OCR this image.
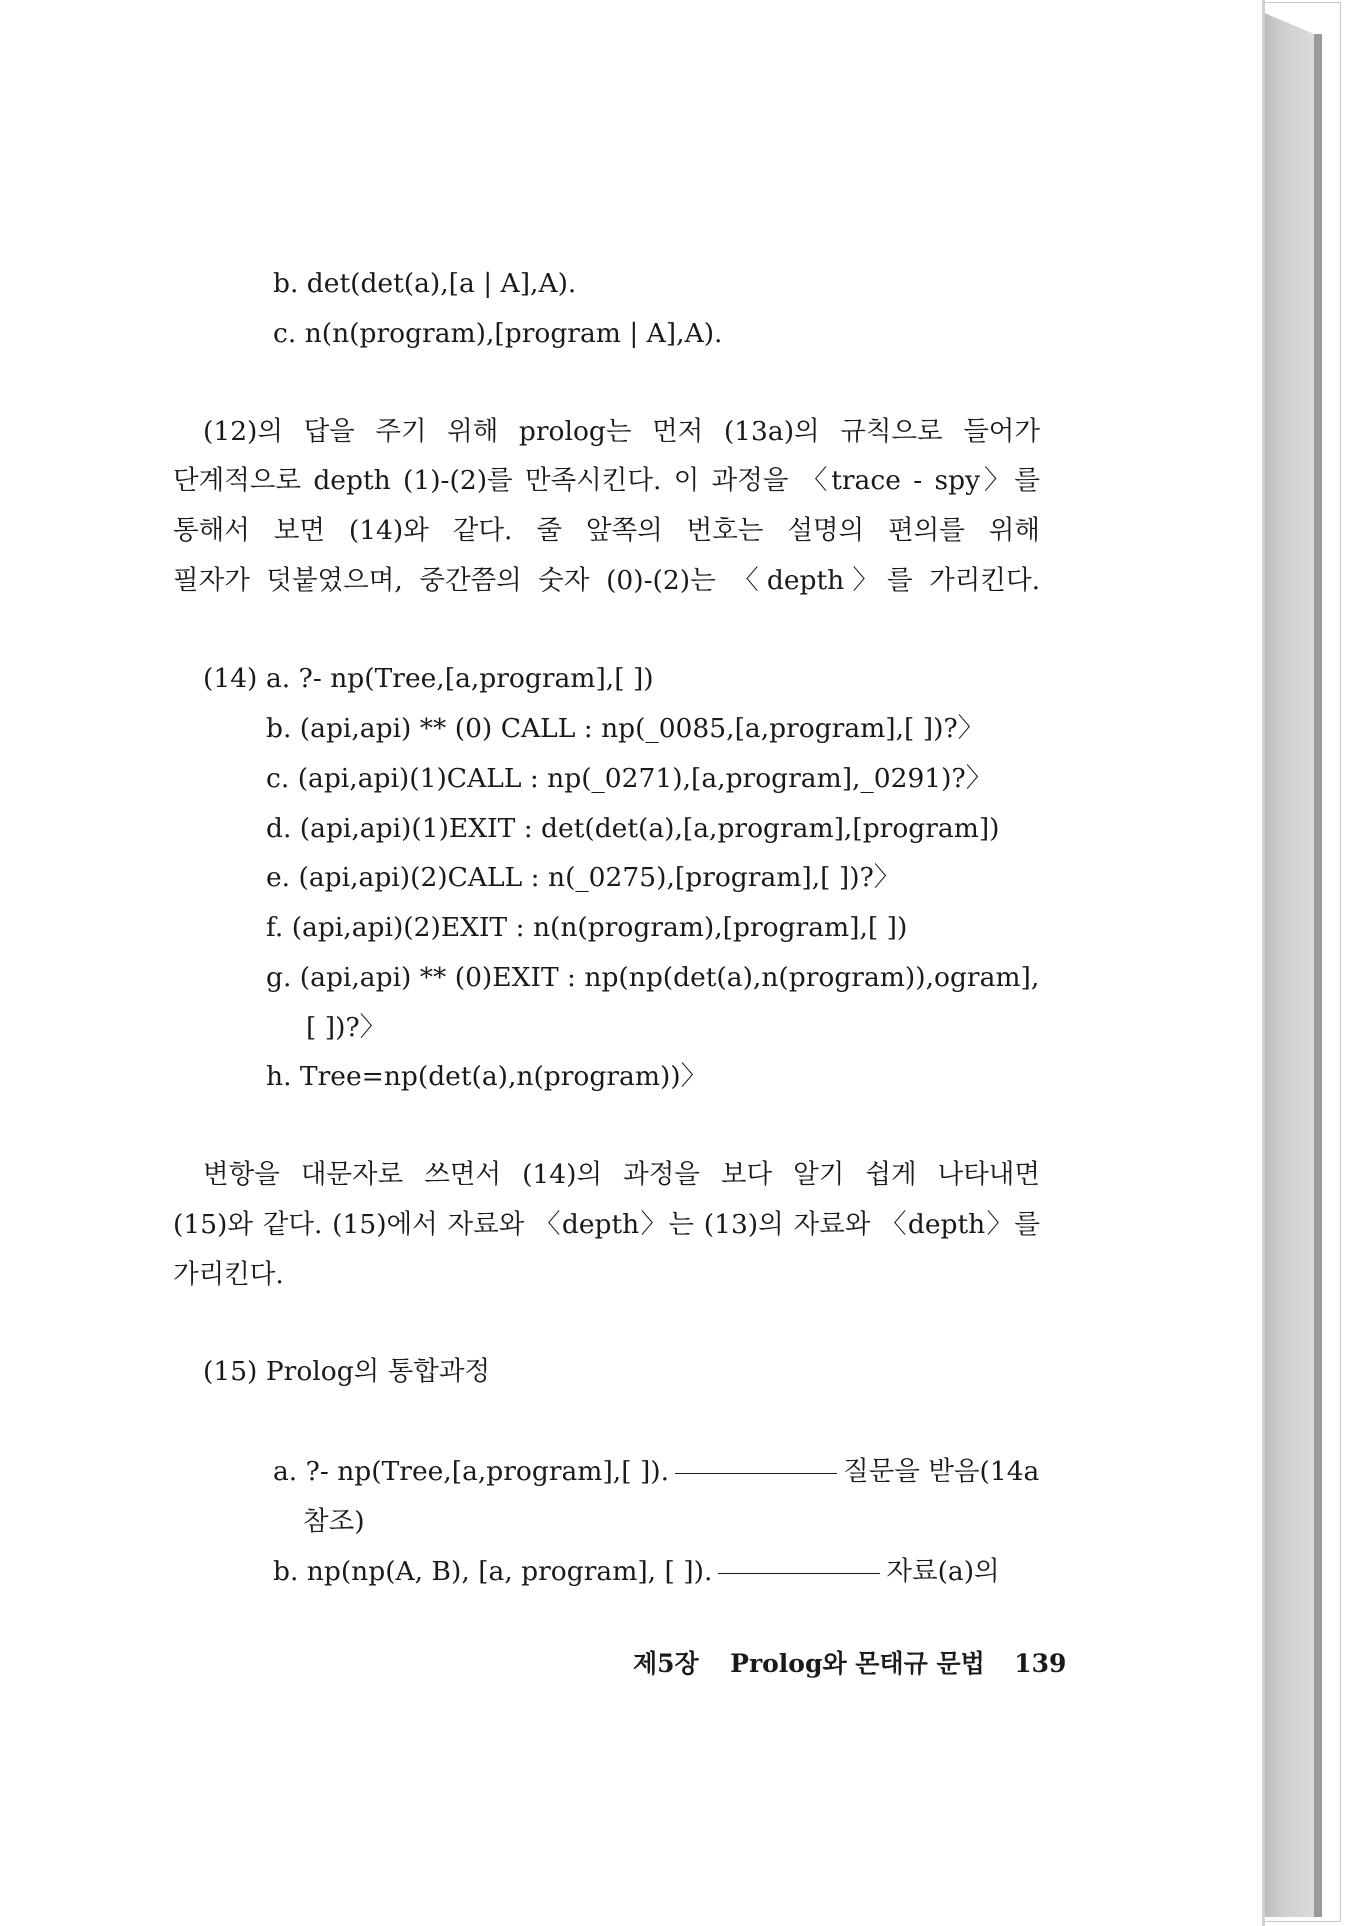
b. det(det(a),[a | A],A).
c. n(n(program),[program | A],A).
(12)의 답을 주기 위해 prolog는 먼저 (13a)의 규칙으로 들어가
단계적으로 depth (1)-(2)를 만족시킨다. 이 과정을 〈trace - spy〉를
통해서 보면 (14)와 같다. 줄 앞쪽의 번호는 설명의 편의를 위해
필자가 덧붙였으며, 중간쯤의 숫자 (0)-(2)는 〈depth〉를 가리킨다.
(14) a. ?- np(Tree,[a,program],[ ])
b. (api,api) ** (0) CALL : np(_0085,[a,program],[ ])?〉
c. (api,api)(1)CALL : np(_0271),[a,program],_0291)?〉
d. (api,api)(1)EXIT : det(det(a),[a,program],[program])
e. (api,api)(2)CALL : n(_0275),[program],[ ])?〉
f. (api,api)(2)EXIT : n(n(program),[program],[ ])
g. (api,api) ** (0)EXIT : np(np(det(a),n(program)),ogram],
[ ])?〉
h. Tree=np(det(a),n(program))〉
변항을 대문자로 쓰면서 (14)의 과정을 보다 알기 쉽게 나타내면
(15)와 같다. (15)에서 자료와 〈depth〉는 (13)의 자료와 〈depth〉를
가리킨다.
(15) Prolog의 통합과정
a. ?- np(Tree,[a,program],[ ]).	질문을 받음(14a
참조)
b. np(np(A, B), [a, program], [ ]).	자료(a)의
제5장 Prolog와 몬태규 문법 139
